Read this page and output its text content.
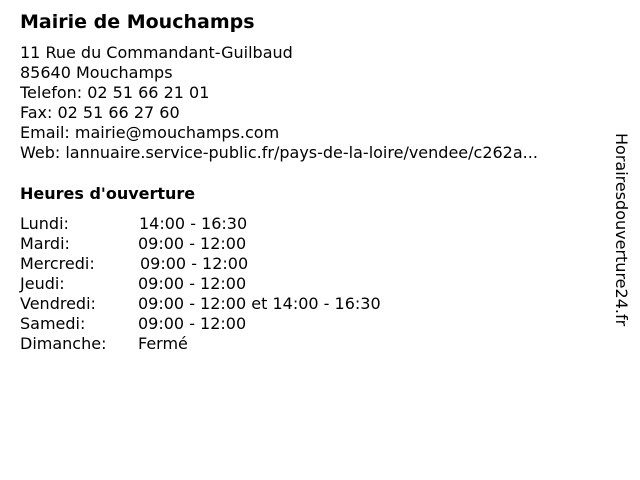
Mairie de Mouchamps
11 Rue du Commandant-Guilbaud
85640 Mouchamps
Telefon: 02 51 66 21 01
Fax: 02 51 66 27 60
Email: mairie@mouchamps.com
Web: lannuaire.service-public.fr/pays-de-la-loire/vendee/c262a...
Heures d'ouverture
Lundi:	14:00 - 16:30
Mardi:	09:00 - 12:00
Mercredi:	09:00 - 12:00
Jeudi:	09:00 - 12:00
Vendredi:	09:00 - 12:00 et 14:00 - 16:30
Samedi:	09:00 - 12:00
Dimanche: Fermé
Horairesdouverture24.fr
